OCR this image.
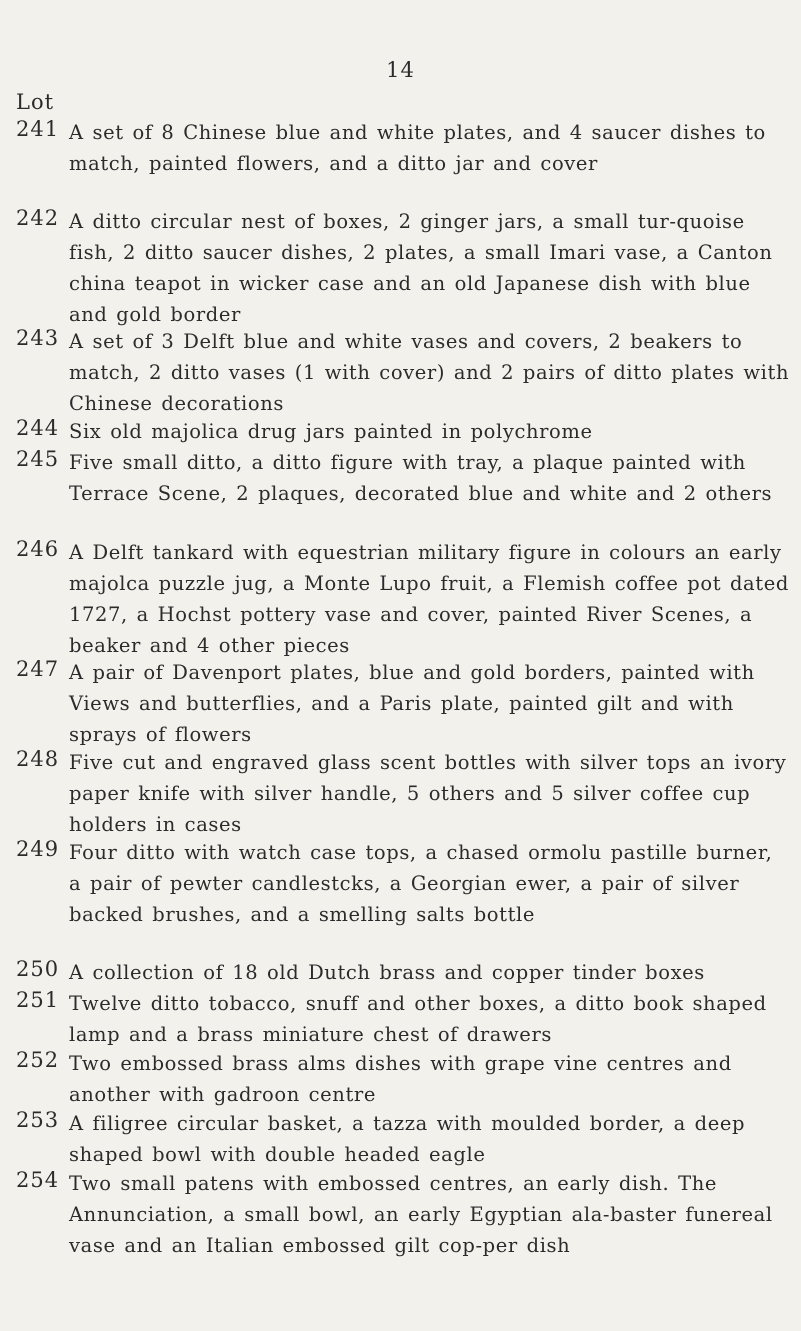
14
Lot
241 A set of 8 Chinese blue and white plates, and 4 saucer dishes to match, painted flowers, and a ditto jar and cover
242 A ditto circular nest of boxes, 2 ginger jars, a small tur-quoise fish, 2 ditto saucer dishes, 2 plates, a small Imari vase, a Canton china teapot in wicker case and an old Japanese dish with blue and gold border
243 A set of 3 Delft blue and white vases and covers, 2 beakers to match, 2 ditto vases (1 with cover) and 2 pairs of ditto plates with Chinese decorations
244 Six old majolica drug jars painted in polychrome
245 Five small ditto, a ditto figure with tray, a plaque painted with Terrace Scene, 2 plaques, decorated blue and white and 2 others
246 A Delft tankard with equestrian military figure in colours an early majolca puzzle jug, a Monte Lupo fruit, a Flemish coffee pot dated 1727, a Hochst pottery vase and cover, painted River Scenes, a beaker and 4 other pieces
247 A pair of Davenport plates, blue and gold borders, painted with Views and butterflies, and a Paris plate, painted gilt and with sprays of flowers
248 Five cut and engraved glass scent bottles with silver tops an ivory paper knife with silver handle, 5 others and 5 silver coffee cup holders in cases
249 Four ditto with watch case tops, a chased ormolu pastille burner, a pair of pewter candlestcks, a Georgian ewer, a pair of silver backed brushes, and a smelling salts bottle
250 A collection of 18 old Dutch brass and copper tinder boxes
251 Twelve ditto tobacco, snuff and other boxes, a ditto book shaped lamp and a brass miniature chest of drawers
252 Two embossed brass alms dishes with grape vine centres and another with gadroon centre
253 A filigree circular basket, a tazza with moulded border, a deep shaped bowl with double headed eagle
254 Two small patens with embossed centres, an early dish. The Annunciation, a small bowl, an early Egyptian ala-baster funereal vase and an Italian embossed gilt cop-per dish
